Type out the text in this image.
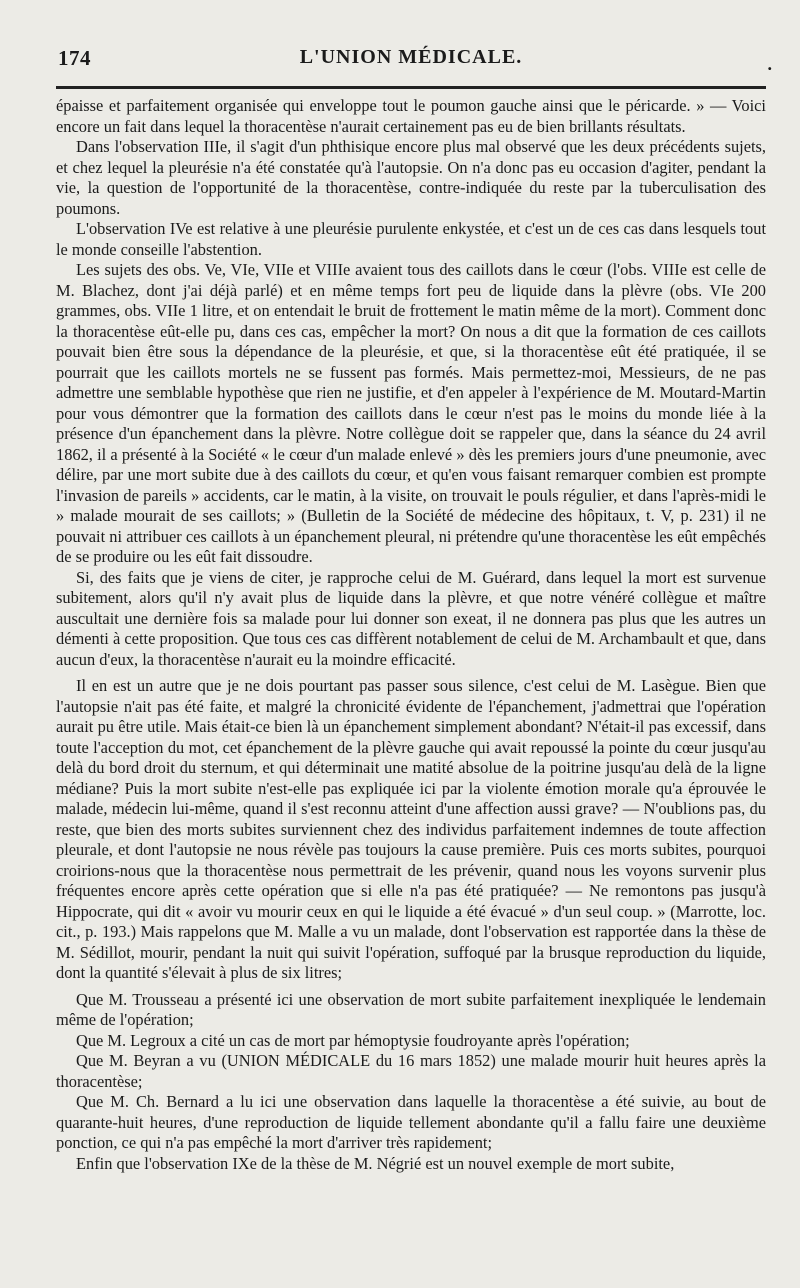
174	L'UNION MÉDICALE.	.

épaisse et parfaitement organisée qui enveloppe tout le poumon gauche ainsi que le péricarde. » — Voici encore un fait dans lequel la thoracentèse n'aurait certainement pas eu de bien brillants résultats.

Dans l'observation IIIe, il s'agit d'un phthisique encore plus mal observé que les deux précédents sujets, et chez lequel la pleurésie n'a été constatée qu'à l'autopsie. On n'a donc pas eu occasion d'agiter, pendant la vie, la question de l'opportunité de la thoracentèse, contre-indiquée du reste par la tuberculisation des poumons.

L'observation IVe est relative à une pleurésie purulente enkystée, et c'est un de ces cas dans lesquels tout le monde conseille l'abstention.

Les sujets des obs. Ve, VIe, VIIe et VIIIe avaient tous des caillots dans le cœur (l'obs. VIIIe est celle de M. Blachez, dont j'ai déjà parlé) et en même temps fort peu de liquide dans la plèvre (obs. VIe 200 grammes, obs. VIIe 1 litre, et on entendait le bruit de frottement le matin même de la mort). Comment donc la thoracentèse eût-elle pu, dans ces cas, empêcher la mort? On nous a dit que la formation de ces caillots pouvait bien être sous la dépendance de la pleurésie, et que, si la thoracentèse eût été pratiquée, il se pourrait que les caillots mortels ne se fussent pas formés. Mais permettez-moi, Messieurs, de ne pas admettre une semblable hypothèse que rien ne justifie, et d'en appeler à l'expérience de M. Moutard-Martin pour vous démontrer que la formation des caillots dans le cœur n'est pas le moins du monde liée à la présence d'un épanchement dans la plèvre. Notre collègue doit se rappeler que, dans la séance du 24 avril 1862, il a présenté à la Société « le cœur d'un malade enlevé » dès les premiers jours d'une pneumonie, avec délire, par une mort subite due à des caillots du cœur, et qu'en vous faisant remarquer combien est prompte l'invasion de pareils » accidents, car le matin, à la visite, on trouvait le pouls régulier, et dans l'après-midi le » malade mourait de ses caillots; » (Bulletin de la Société de médecine des hôpitaux, t. V, p. 231) il ne pouvait ni attribuer ces caillots à un épanchement pleural, ni prétendre qu'une thoracentèse les eût empêchés de se produire ou les eût fait dissoudre.

Si, des faits que je viens de citer, je rapproche celui de M. Guérard, dans lequel la mort est survenue subitement, alors qu'il n'y avait plus de liquide dans la plèvre, et que notre vénéré collègue et maître auscultait une dernière fois sa malade pour lui donner son exeat, il ne donnera pas plus que les autres un démenti à cette proposition. Que tous ces cas diffèrent notablement de celui de M. Archambault et que, dans aucun d'eux, la thoracentèse n'aurait eu la moindre efficacité.

Il en est un autre que je ne dois pourtant pas passer sous silence, c'est celui de M. Lasègue. Bien que l'autopsie n'ait pas été faite, et malgré la chronicité évidente de l'épanchement, j'admettrai que l'opération aurait pu être utile. Mais était-ce bien là un épanchement simplement abondant? N'était-il pas excessif, dans toute l'acception du mot, cet épanchement de la plèvre gauche qui avait repoussé la pointe du cœur jusqu'au delà du bord droit du sternum, et qui déterminait une matité absolue de la poitrine jusqu'au delà de la ligne médiane? Puis la mort subite n'est-elle pas expliquée ici par la violente émotion morale qu'a éprouvée le malade, médecin lui-même, quand il s'est reconnu atteint d'une affection aussi grave? — N'oublions pas, du reste, que bien des morts subites surviennent chez des individus parfaitement indemnes de toute affection pleurale, et dont l'autopsie ne nous révèle pas toujours la cause première. Puis ces morts subites, pourquoi croirions-nous que la thoracentèse nous permettrait de les prévenir, quand nous les voyons survenir plus fréquentes encore après cette opération que si elle n'a pas été pratiquée? — Ne remontons pas jusqu'à Hippocrate, qui dit « avoir vu mourir ceux en qui le liquide a été évacué » d'un seul coup. » (Marrotte, loc. cit., p. 193.) Mais rappelons que M. Malle a vu un malade, dont l'observation est rapportée dans la thèse de M. Sédillot, mourir, pendant la nuit qui suivit l'opération, suffoqué par la brusque reproduction du liquide, dont la quantité s'élevait à plus de six litres;

Que M. Trousseau a présenté ici une observation de mort subite parfaitement inexpliquée le lendemain même de l'opération;

Que M. Legroux a cité un cas de mort par hémoptysie foudroyante après l'opération;

Que M. Beyran a vu (UNION MÉDICALE du 16 mars 1852) une malade mourir huit heures après la thoracentèse;

Que M. Ch. Bernard a lu ici une observation dans laquelle la thoracentèse a été suivie, au bout de quarante-huit heures, d'une reproduction de liquide tellement abondante qu'il a fallu faire une deuxième ponction, ce qui n'a pas empêché la mort d'arriver très rapidement;

Enfin que l'observation IXe de la thèse de M. Négrié est un nouvel exemple de mort subite,
